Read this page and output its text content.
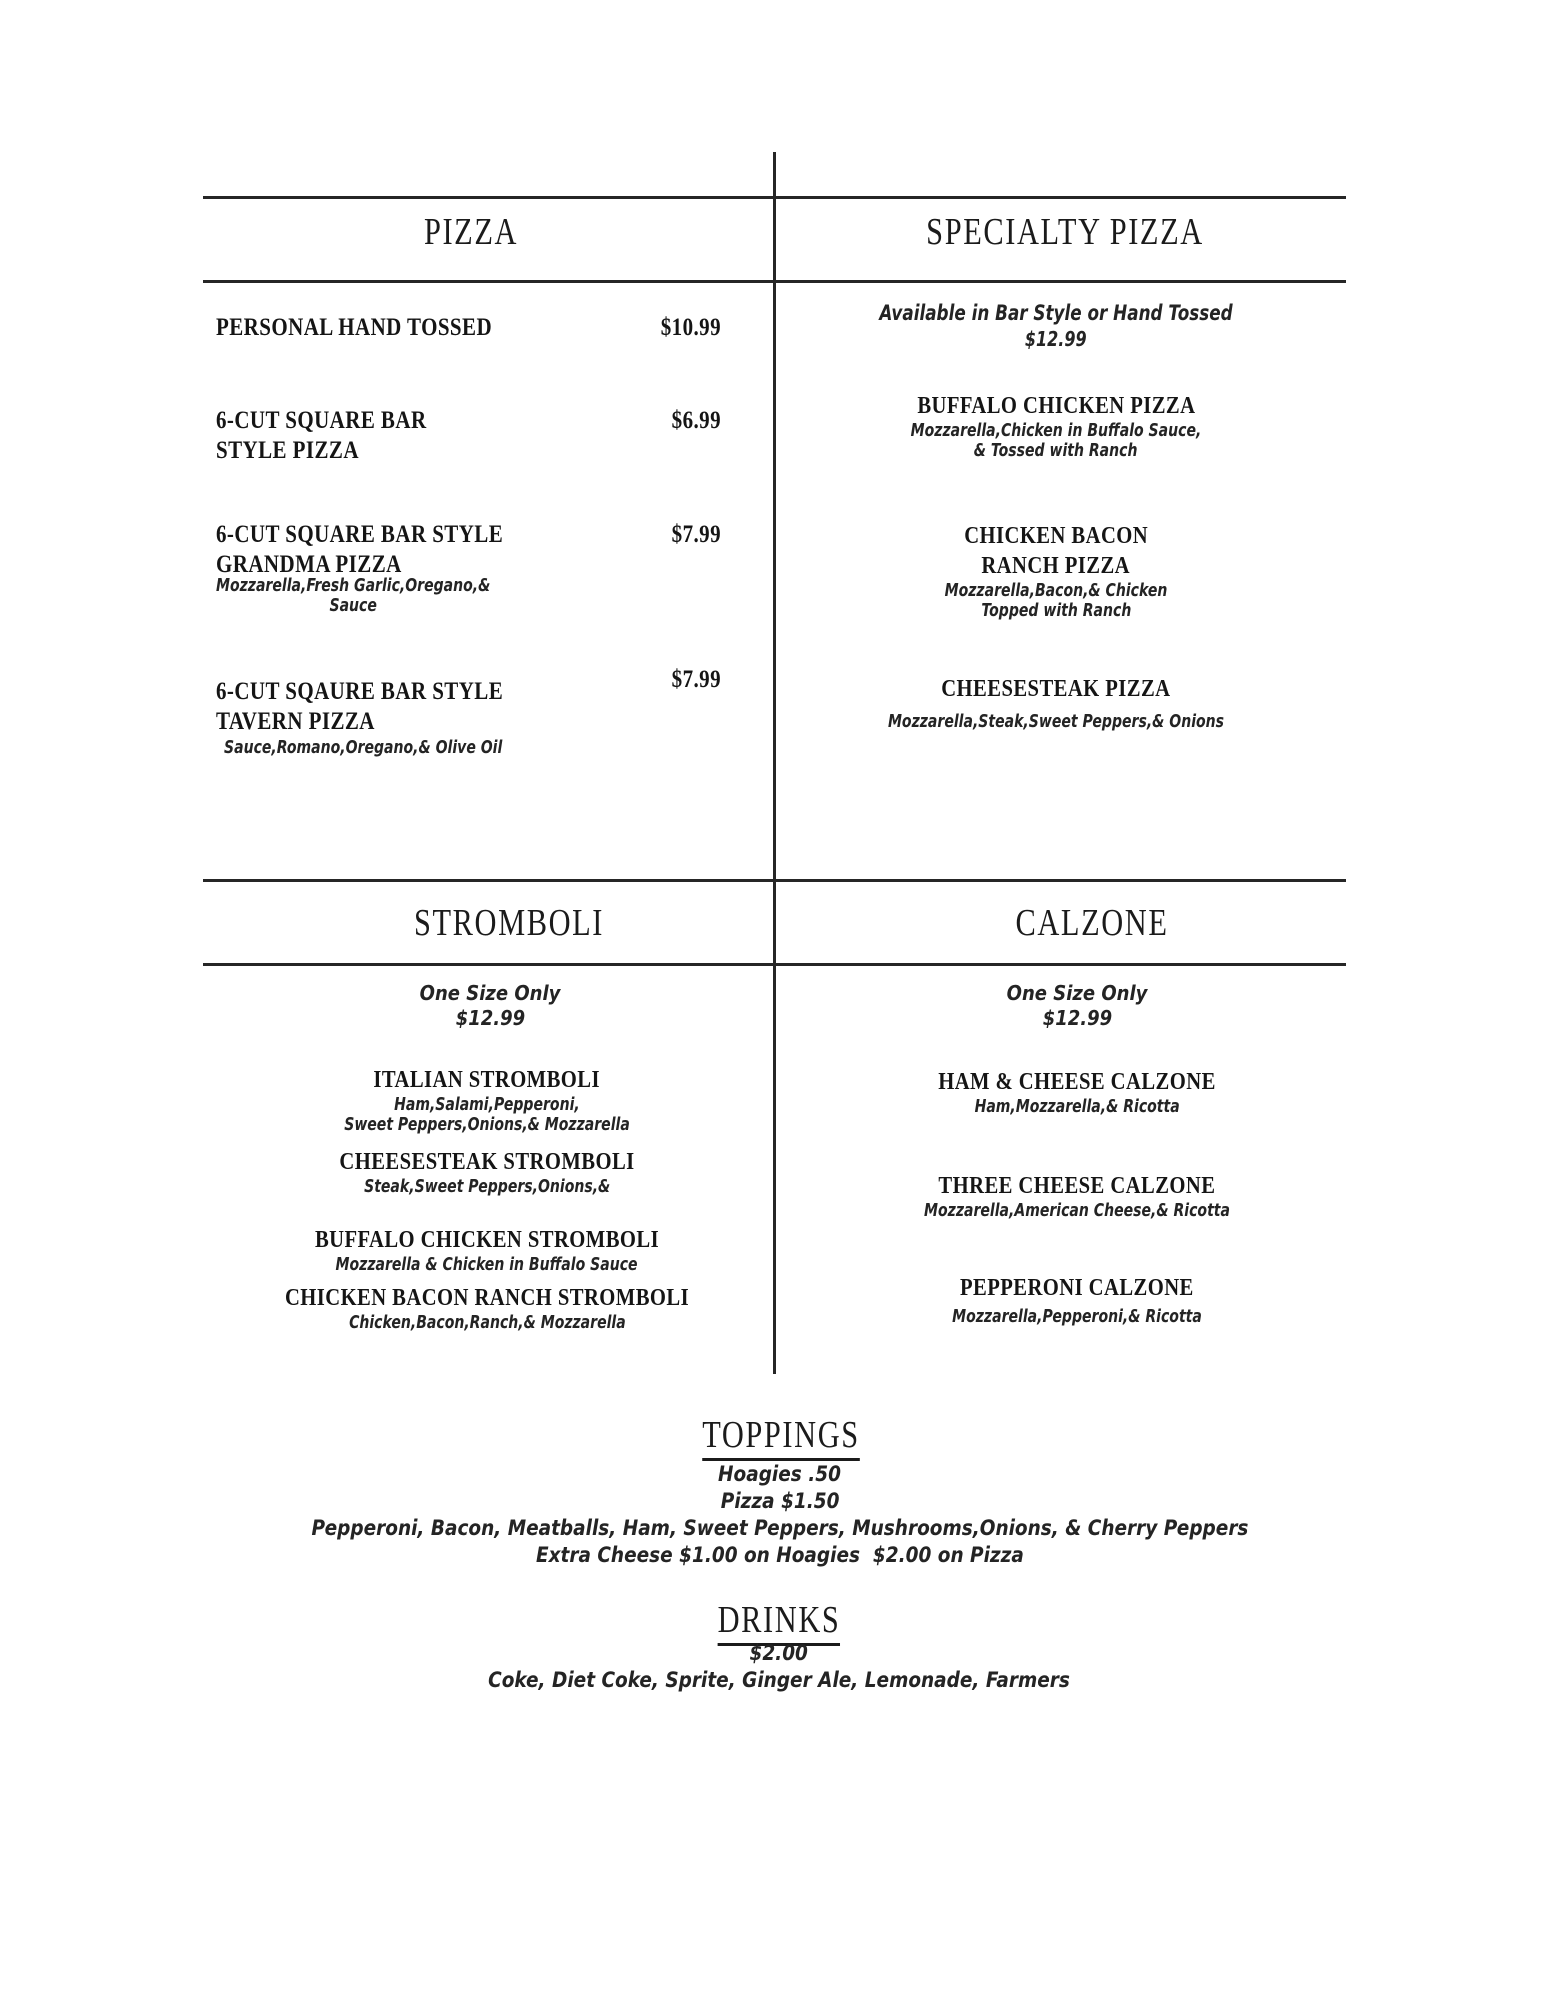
PIZZA	SPECIALTY PIZZA
STROMBOLI	CALZONE
PERSONAL HAND TOSSED	$10.99
6-CUT SQUARE BAR
STYLE PIZZA
$6.99
6-CUT SQUARE BAR STYLE
GRANDMA PIZZA
Mozzarella,Fresh Garlic,Oregano,&
Sauce
$7.99
6-CUT SQAURE BAR STYLE
TAVERN PIZZA
Sauce,Romano,Oregano,& Olive Oil
$7.99
Available in Bar Style or Hand Tossed
$12.99
BUFFALO CHICKEN PIZZA
Mozzarella,Chicken in Buffalo Sauce,
& Tossed with Ranch
CHICKEN BACON
RANCH PIZZA
Mozzarella,Bacon,& Chicken
Topped with Ranch
CHEESESTEAK PIZZA
Mozzarella,Steak,Sweet Peppers,& Onions
One Size Only
$12.99
ITALIAN STROMBOLI
Ham,Salami,Pepperoni,
Sweet Peppers,Onions,& Mozzarella
CHEESESTEAK STROMBOLI
Steak,Sweet Peppers,Onions,&
BUFFALO CHICKEN STROMBOLI
Mozzarella & Chicken in Buffalo Sauce
CHICKEN BACON RANCH STROMBOLI
Chicken,Bacon,Ranch,& Mozzarella
One Size Only
$12.99
HAM & CHEESE CALZONE
Ham,Mozzarella,& Ricotta
THREE CHEESE CALZONE
Mozzarella,American Cheese,& Ricotta
PEPPERONI CALZONE
Mozzarella,Pepperoni,& Ricotta
TOPPINGS
Hoagies .50
Pizza $1.50
Pepperoni, Bacon, Meatballs, Ham, Sweet Peppers, Mushrooms,Onions, & Cherry Peppers
Extra Cheese $1.00 on Hoagies  $2.00 on Pizza
DRINKS
$2.00
Coke, Diet Coke, Sprite, Ginger Ale, Lemonade, Farmers
